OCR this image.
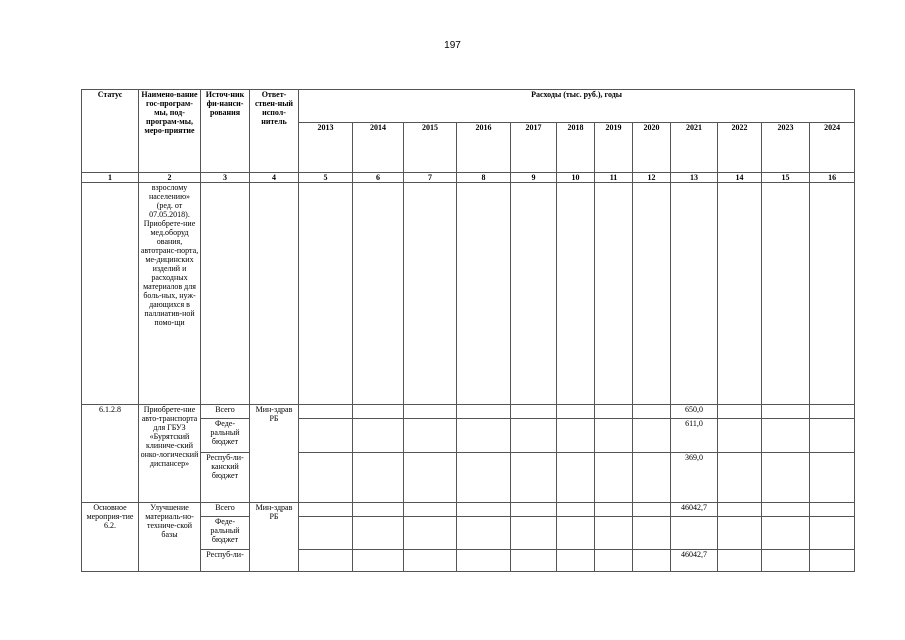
197
Статус	Наимено-вание гос-програм-мы, под-програм-мы, меро-приятие	Источ-ник фи-нанси-рования	Ответ-ствен-ный испол-нитель	Расходы (тыс. руб.), годы											
				2013	2014	2015	2016	2017	2018	2019	2020	2021	2022	2023	2024
1	2	3	4	5	6	7	8	9	10	11	12	13	14	15	16
	взрослому населению» (ред. от 07.05.2018). Приобрете-ние мед.оборуд ования, автотранс-порта, ме-дицинских изделий и расходных материалов для боль-ных, нуж-дающихся в паллиатив-ной помо-щи														
6.1.2.8	Приобрете-ние авто-транспорта для ГБУЗ «Бурятский клиниче-ский онко-логический диспансер»	Всего	Мин-здрав РБ									650,0			
		Феде-ральный бюджет										611,0			
		Респуб-ли-канский бюджет										369,0			
Основное мероприя-тие 6.2.	Улучшение материаль-но-техниче-ской базы	Всего	Мин-здрав РБ									46042,7			
		Феде-ральный бюджет													
		Респуб-ли-										46042,7			
